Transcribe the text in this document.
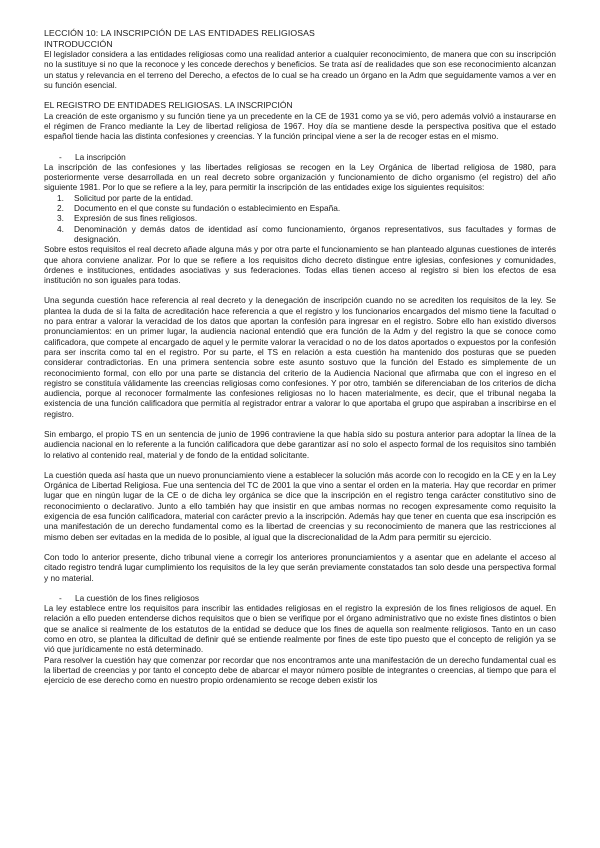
LECCIÓN 10: LA INSCRIPCIÓN DE LAS ENTIDADES RELIGIOSAS
INTRODUCCIÓN

El legislador considera a las entidades religiosas como una realidad anterior a cualquier reconocimiento, de manera que con su inscripción no la sustituye si no que la reconoce y les concede derechos y beneficios. Se trata así de realidades que son ese reconocimiento alcanzan un status y relevancia en el terreno del Derecho, a efectos de lo cual se ha creado un órgano en la Adm que seguidamente vamos a ver en su función esencial.

EL REGISTRO DE ENTIDADES RELIGIOSAS. LA INSCRIPCIÓN

La creación de este organismo y su función tiene ya un precedente en la CE de 1931 como ya se vió, pero además volvió a instaurarse en el régimen de Franco mediante la Ley de libertad religiosa de 1967. Hoy día se mantiene desde la perspectiva positiva que el estado español tiende hacia las distinta confesiones y creencias. Y la función principal viene a ser la de recoger estas en el mismo.

-	La inscripción

La inscripción de las confesiones y las libertades religiosas se recogen en la Ley Orgánica de libertad religiosa de 1980, para posteriormente verse desarrollada en un real decreto sobre organización y funcionamiento de dicho organismo (el registro) del año siguiente 1981. Por lo que se refiere a la ley, para permitir la inscripción de las entidades exige los siguientes requisitos:

1.	Solicitud por parte de la entidad.
2.	Documento en el que conste su fundación o establecimiento en España.
3.	Expresión de sus fines religiosos.
4.	Denominación y demás datos de identidad así como funcionamiento, órganos representativos, sus facultades y formas de designación.

Sobre estos requisitos el real decreto añade alguna más y por otra parte el funcionamiento se han planteado algunas cuestiones de interés que ahora conviene analizar. Por lo que se refiere a los requisitos dicho decreto distingue entre iglesias, confesiones y comunidades, órdenes e instituciones, entidades asociativas y sus federaciones. Todas ellas tienen acceso al registro si bien los efectos de esa institución no son iguales para todas.

Una segunda cuestión hace referencia al real decreto y la denegación de inscripción cuando no se acrediten los requisitos de la ley. Se plantea la duda de si la falta de acreditación hace referencia a que el registro y los funcionarios encargados del mismo tiene la facultad o no para entrar a valorar la veracidad de los datos que aportan la confesión para ingresar en el registro. Sobre ello han existido diversos pronunciamientos: en un primer lugar, la audiencia nacional entendió que era función de la Adm y del registro la que se conoce como calificadora, que compete al encargado de aquel y le permite valorar la veracidad o no de los datos aportados o expuestos por la confesión para ser inscrita como tal en el registro. Por su parte, el TS en relación a esta cuestión ha mantenido dos posturas que se pueden considerar contradictorias. En una primera sentencia sobre este asunto sostuvo que la función del Estado es simplemente de un reconocimiento formal, con ello por una parte se distancia del criterio de la Audiencia Nacional que afirmaba que con el ingreso en el registro se constituía válidamente las creencias religiosas como confesiones. Y por otro, también se diferenciaban de los criterios de dicha audiencia, porque al reconocer formalmente las confesiones religiosas no lo hacen materialmente, es decir, que el tribunal negaba la existencia de una función calificadora que permitía al registrador entrar a valorar lo que aportaba el grupo que aspiraban a inscribirse en el registro.

Sin embargo, el propio TS en un sentencia de junio de 1996 contraviene la que había sido su postura anterior para adoptar la línea de la audiencia nacional en lo referente a la función calificadora que debe garantizar así no solo el aspecto formal de los requisitos sino también lo relativo al contenido real, material y de fondo de la entidad solicitante.

La cuestión queda así hasta que un nuevo pronunciamiento viene a establecer la solución más acorde con lo recogido en la CE y en la Ley Orgánica de Libertad Religiosa. Fue una sentencia del TC de 2001 la que vino a sentar el orden en la materia. Hay que recordar en primer lugar que en ningún lugar de la CE o de dicha ley orgánica se dice que la inscripción en el registro tenga carácter constitutivo sino de reconocimiento o declarativo. Junto a ello también hay que insistir en que ambas normas no recogen expresamente como requisito la exigencia de esa función calificadora, material con carácter previo a la inscripción. Además hay que tener en cuenta que esa inscripción es una manifestación de un derecho fundamental como es la libertad de creencias y su reconocimiento de manera que las restricciones al mismo deben ser evitadas en la medida de lo posible, al igual que la discrecionalidad de la Adm para permitir su ejercicio.

Con todo lo anterior presente, dicho tribunal viene a corregir los anteriores pronunciamientos y a asentar que en adelante el acceso al citado registro tendrá lugar cumplimiento los requisitos de la ley que serán previamente constatados tan solo desde una perspectiva formal y no material.

-	La cuestión de los fines religiosos

La ley establece entre los requisitos para inscribir las entidades religiosas en el registro la expresión de los fines religiosos de aquel. En relación a ello pueden entenderse dichos requisitos que o bien se verifique por el órgano administrativo que no existe fines distintos o bien que se analice si realmente de los estatutos de la entidad se deduce que los fines de aquella son realmente religiosos. Tanto en un caso como en otro, se plantea la dificultad de definir qué se entiende realmente por fines de este tipo puesto que el concepto de religión ya se vió que jurídicamente no está determinado.

Para resolver la cuestión hay que comenzar por recordar que nos encontramos ante una manifestación de un derecho fundamental cual es la libertad de creencias y por tanto el concepto debe de abarcar el mayor número posible de integrantes o creencias, al tiempo que para el ejercicio de ese derecho como en nuestro propio ordenamiento se recoge deben existir los
